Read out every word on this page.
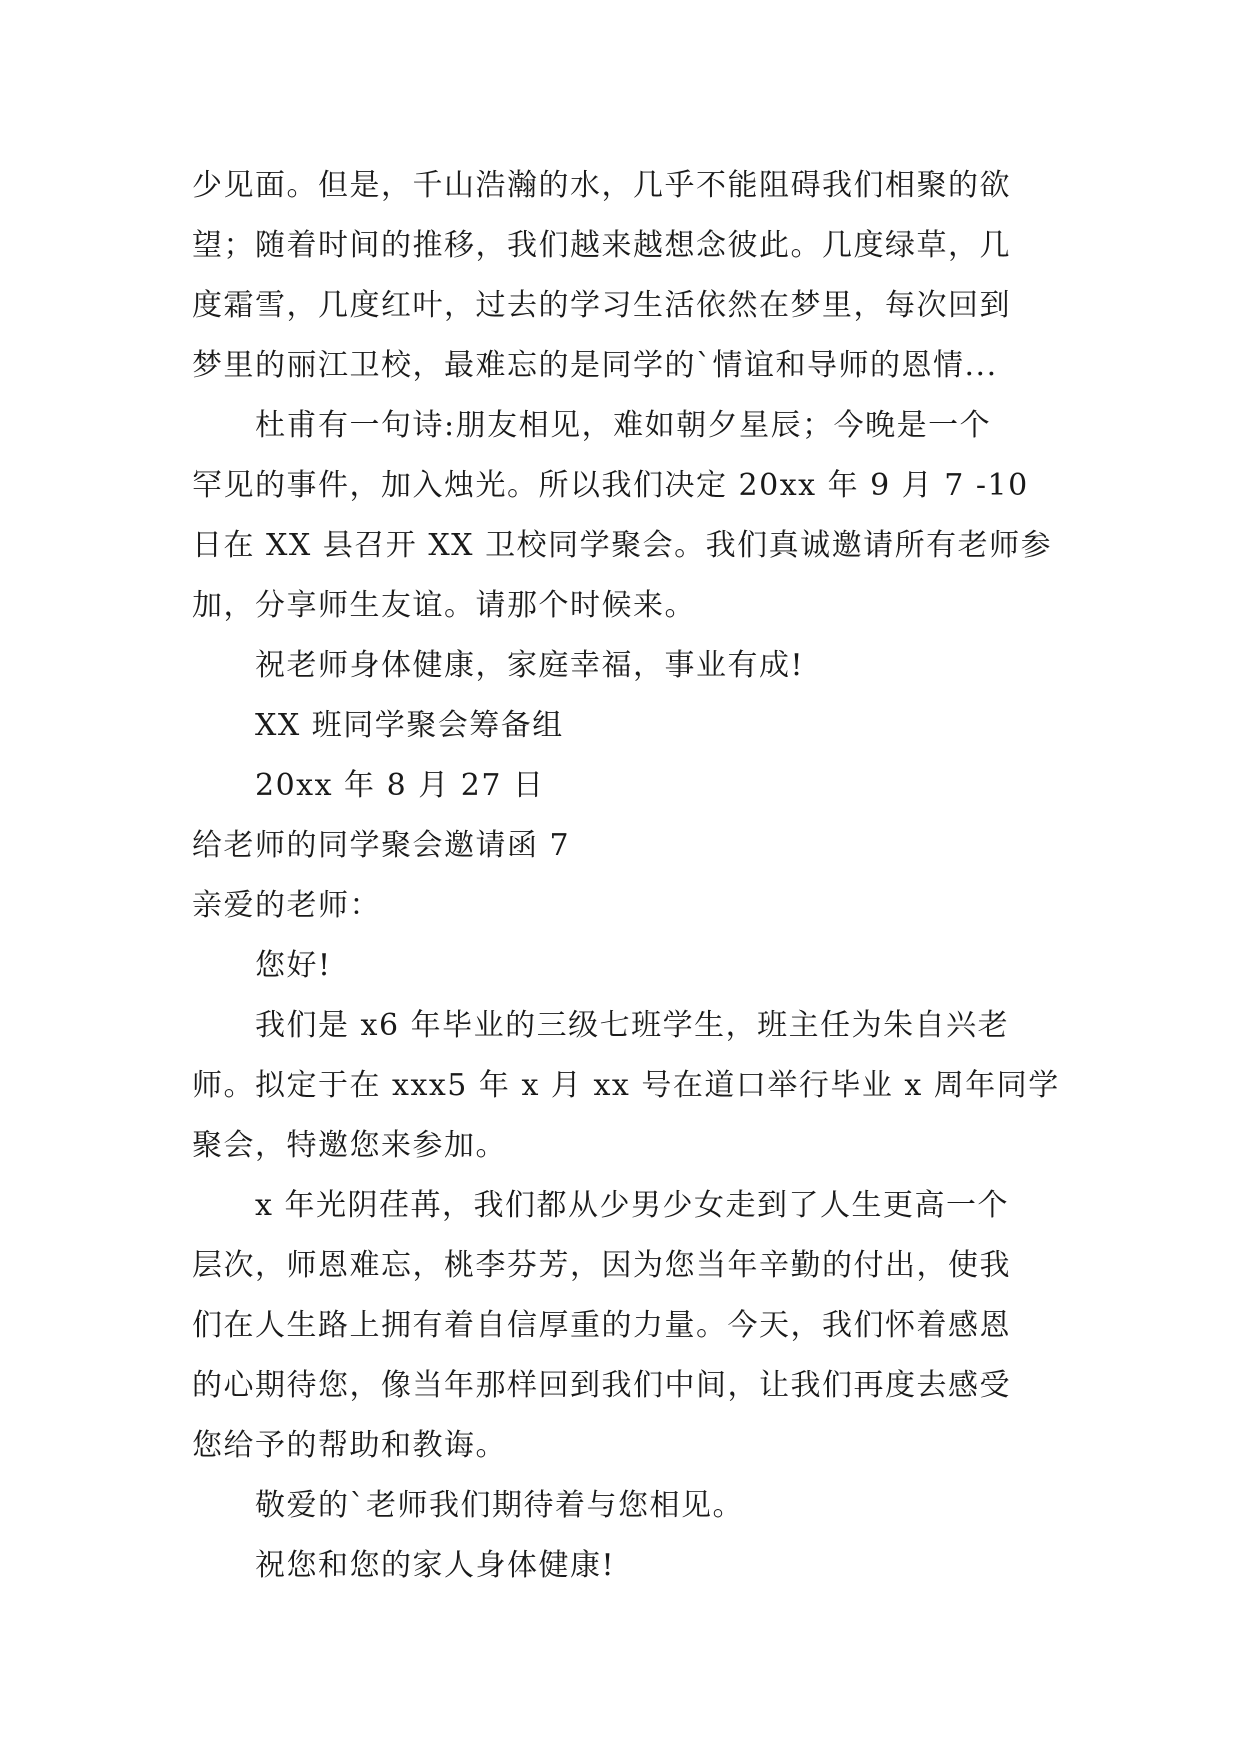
少见面。但是，千山浩瀚的水，几乎不能阻碍我们相聚的欲
望；随着时间的推移，我们越来越想念彼此。几度绿草，几
度霜雪，几度红叶，过去的学习生活依然在梦里，每次回到
梦里的丽江卫校，最难忘的是同学的`情谊和导师的恩情...
杜甫有一句诗:朋友相见，难如朝夕星辰；今晚是一个
罕见的事件，加入烛光。所以我们决定 20xx 年 9 月 7 -10
日在 XX 县召开 XX 卫校同学聚会。我们真诚邀请所有老师参
加，分享师生友谊。请那个时候来。
祝老师身体健康，家庭幸福，事业有成!
XX 班同学聚会筹备组
20xx 年 8 月 27 日
给老师的同学聚会邀请函 7
亲爱的老师：
您好!
我们是 x6 年毕业的三级七班学生，班主任为朱自兴老
师。拟定于在 xxx5 年 x 月 xx 号在道口举行毕业 x 周年同学
聚会，特邀您来参加。
x 年光阴荏苒，我们都从少男少女走到了人生更高一个
层次，师恩难忘，桃李芬芳，因为您当年辛勤的付出，使我
们在人生路上拥有着自信厚重的力量。今天，我们怀着感恩
的心期待您，像当年那样回到我们中间，让我们再度去感受
您给予的帮助和教诲。
敬爱的`老师我们期待着与您相见。
祝您和您的家人身体健康!
